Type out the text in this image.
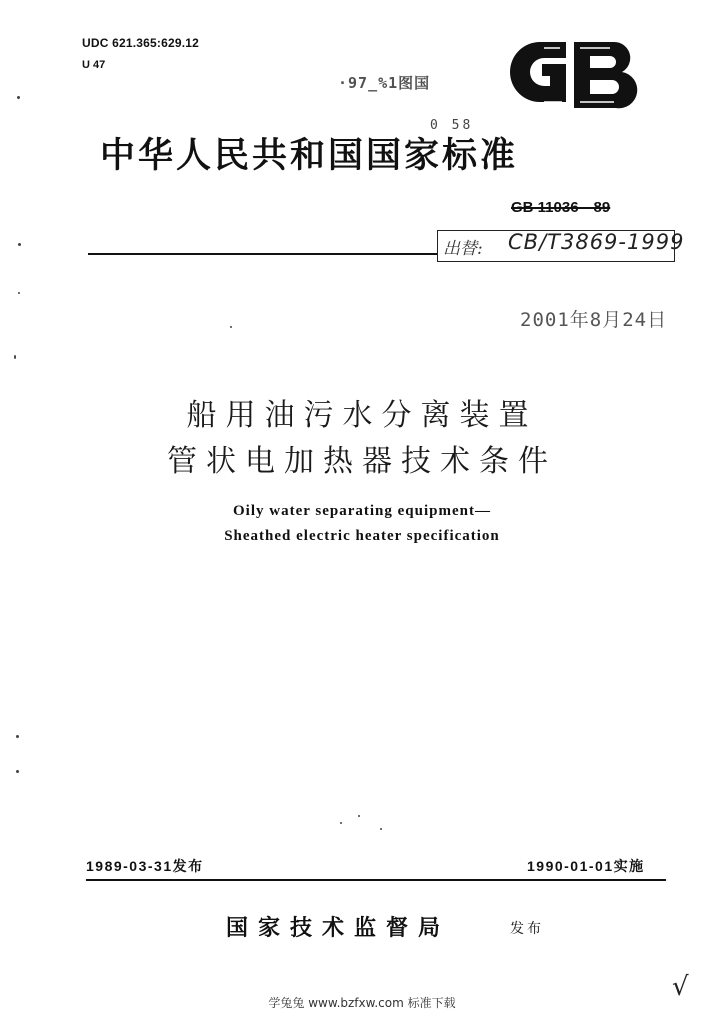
UDC 621.365:629.12
U 47
·97_%1图国
0 58
中华人民共和国国家标准
GB 11036—89
出替: CB/T3869-1999
2001年8月24日
船用油污水分离装置
管状电加热器技术条件
Oily water separating equipment—
Sheathed electric heater specification
1989-03-31发布	1990-01-01实施
国家技术监督局	发布
√
学兔兔 www.bzfxw.com 标准下载
